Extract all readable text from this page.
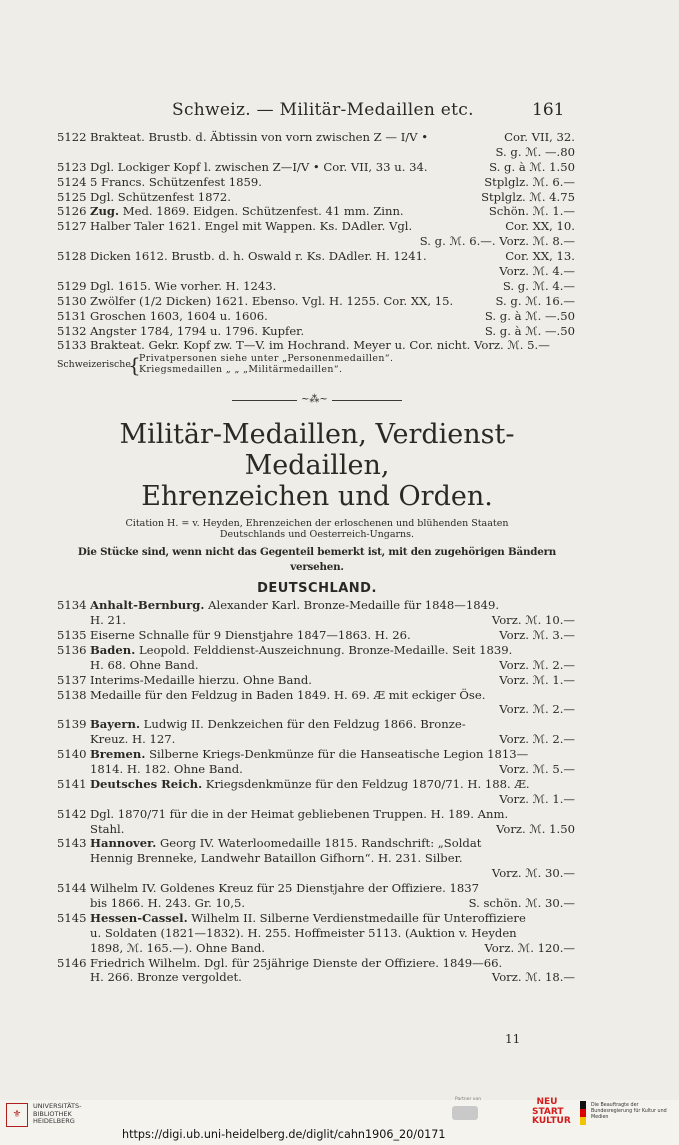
Schweiz. — Militär-Medaillen etc.	161
5122 Brakteat. Brustb. d. Äbtissin von vorn zwischen Z — I/V •	Cor. VII, 32.
S. g. ℳ. —.80
5123 Dgl. Lockiger Kopf l. zwischen Z—I/V • Cor. VII, 33 u. 34.	S. g. à ℳ. 1.50
5124 5 Francs. Schützenfest 1859.	Stplglz. ℳ. 6.—
5125 Dgl. Schützenfest 1872.	Stplglz. ℳ. 4.75
5126 Zug. Med. 1869. Eidgen. Schützenfest. 41 mm. Zinn.	Schön. ℳ. 1.—
5127 Halber Taler 1621. Engel mit Wappen. Ks. DAdler. Vgl.	Cor. XX, 10.
S. g. ℳ. 6.—. Vorz. ℳ. 8.—
5128 Dicken 1612. Brustb. d. h. Oswald r. Ks. DAdler. H. 1241.	Cor. XX, 13.
Vorz. ℳ. 4.—
5129 Dgl. 1615. Wie vorher. H. 1243.	S. g. ℳ. 4.—
5130 Zwölfer (1/2 Dicken) 1621. Ebenso. Vgl. H. 1255. Cor. XX, 15.	S. g. ℳ. 16.—
5131 Groschen 1603, 1604 u. 1606.	S. g. à ℳ. —.50
5132 Angster 1784, 1794 u. 1796. Kupfer.	S. g. à ℳ. —.50
5133 Brakteat. Gekr. Kopf zw. T—V. im Hochrand. Meyer u. Cor. nicht. Vorz. ℳ. 5.—
Schweizerische
{
Privatpersonen siehe unter „Personenmedaillen“.
Kriegsmedaillen „ „ „Militärmedaillen“.
~⁂~
Militär-Medaillen, Verdienst-Medaillen,
Ehrenzeichen und Orden.
Citation H. = v. Heyden, Ehrenzeichen der erloschenen und blühenden Staaten
Deutschlands und Oesterreich-Ungarns.
Die Stücke sind, wenn nicht das Gegenteil bemerkt ist, mit den zugehörigen Bändern versehen.
DEUTSCHLAND.
5134 Anhalt-Bernburg. Alexander Karl. Bronze-Medaille für 1848—1849.
H. 21.	Vorz. ℳ. 10.—
5135 Eiserne Schnalle für 9 Dienstjahre 1847—1863. H. 26.	Vorz. ℳ. 3.—
5136 Baden. Leopold. Felddienst-Auszeichnung. Bronze-Medaille. Seit 1839.
H. 68. Ohne Band.	Vorz. ℳ. 2.—
5137 Interims-Medaille hierzu. Ohne Band.	Vorz. ℳ. 1.—
5138 Medaille für den Feldzug in Baden 1849. H. 69. Æ mit eckiger Öse.
Vorz. ℳ. 2.—
5139 Bayern. Ludwig II. Denkzeichen für den Feldzug 1866. Bronze-
Kreuz. H. 127.	Vorz. ℳ. 2.—
5140 Bremen. Silberne Kriegs-Denkmünze für die Hanseatische Legion 1813—
1814. H. 182. Ohne Band.	Vorz. ℳ. 5.—
5141 Deutsches Reich. Kriegsdenkmünze für den Feldzug 1870/71. H. 188. Æ.
Vorz. ℳ. 1.—
5142 Dgl. 1870/71 für die in der Heimat gebliebenen Truppen. H. 189. Anm.
Stahl.	Vorz. ℳ. 1.50
5143 Hannover. Georg IV. Waterloomedaille 1815. Randschrift: „Soldat
Hennig Brenneke, Landwehr Bataillon Gifhorn“. H. 231. Silber.
Vorz. ℳ. 30.—
5144 Wilhelm IV. Goldenes Kreuz für 25 Dienstjahre der Offiziere. 1837
bis 1866. H. 243. Gr. 10,5.	S. schön. ℳ. 30.—
5145 Hessen-Cassel. Wilhelm II. Silberne Verdienstmedaille für Unteroffiziere
u. Soldaten (1821—1832). H. 255. Hoffmeister 5113. (Auktion v. Heyden
1898, ℳ. 165.—). Ohne Band.	Vorz. ℳ. 120.—
5146 Friedrich Wilhelm. Dgl. für 25jährige Dienste der Offiziere. 1849—66.
H. 266. Bronze vergoldet.	Vorz. ℳ. 18.—
11
⚜
UNIVERSITÄTS-
BIBLIOTHEK
HEIDELBERG
Partner von	NEU
START
KULTUR
Die Beauftragte der Bundesregierung für Kultur und Medien
https://digi.ub.uni-heidelberg.de/diglit/cahn1906_20/0171
